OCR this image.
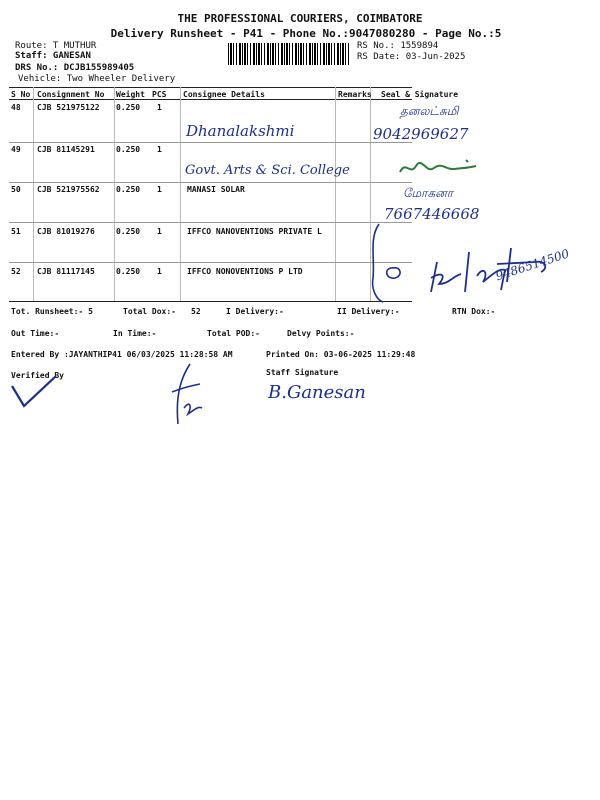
THE PROFESSIONAL COURIERS, COIMBATORE
Delivery Runsheet - P41 - Phone No.:9047080280 - Page No.:5
Route: T MUTHUR
Staff: GANESAN
DRS No.: DCJB155989405
Vehicle: Two Wheeler Delivery
RS No.: 1559894
RS Date: 03-Jun-2025
S No Consignment No Weight PCS Consignee Details	Remarks Seal & Signature
48 CJB 521975122 0.250 1
Dhanalakshmi
தனலட்சுமி
9042969627
49 CJB 81145291	0.250 1
Govt. Arts & Sci. College
50 CJB 521975562 0.250 1	MANASI SOLAR	மோகனா
7667446668
51 CJB 81019276	0.250 1	IFFCO NANOVENTIONS PRIVATE L
52 CJB 81117145	0.250 1	IFFCO NONOVENTIONS P LTD	9486514500
Tot. Runsheet:- 5	Total Dox:- 52	I Delivery:-	II Delivery:-	RTN Dox:-
Out Time:-	In Time:-	Total POD:-	Delvy Points:-
Entered By :JAYANTHIP41 06/03/2025 11:28:58 AM	Printed On: 03-06-2025 11:29:48
Verified By	Staff Signature
B.Ganesan
